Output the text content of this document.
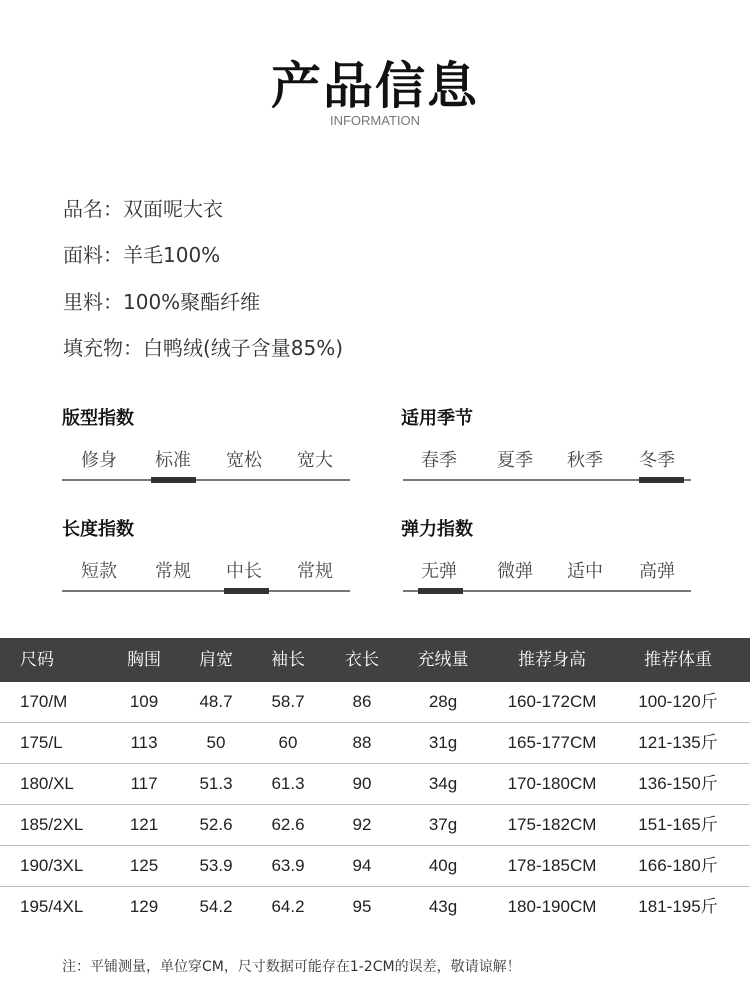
产品信息
INFORMATION
品名：双面呢大衣
面料：羊毛100%
里料：100%聚酯纤维
填充物：白鸭绒(绒子含量85%)
版型指数
修身	标准	宽松	宽大
适用季节
春季	夏季	秋季	冬季
长度指数
短款	常规	中长	常规
弹力指数
无弹	微弹	适中	高弹
尺码	胸围	肩宽	袖长	衣长	充绒量	推荐身高	推荐体重
170/M	109	48.7	58.7	86	28g	160-172CM	100-120斤
175/L	113	50	60	88	31g	165-177CM	121-135斤
180/XL	117	51.3	61.3	90	34g	170-180CM	136-150斤
185/2XL	121	52.6	62.6	92	37g	175-182CM	151-165斤
190/3XL	125	53.9	63.9	94	40g	178-185CM	166-180斤
195/4XL	129	54.2	64.2	95	43g	180-190CM	181-195斤
注：平铺测量，单位穿CM，尺寸数据可能存在1-2CM的误差，敬请谅解！
